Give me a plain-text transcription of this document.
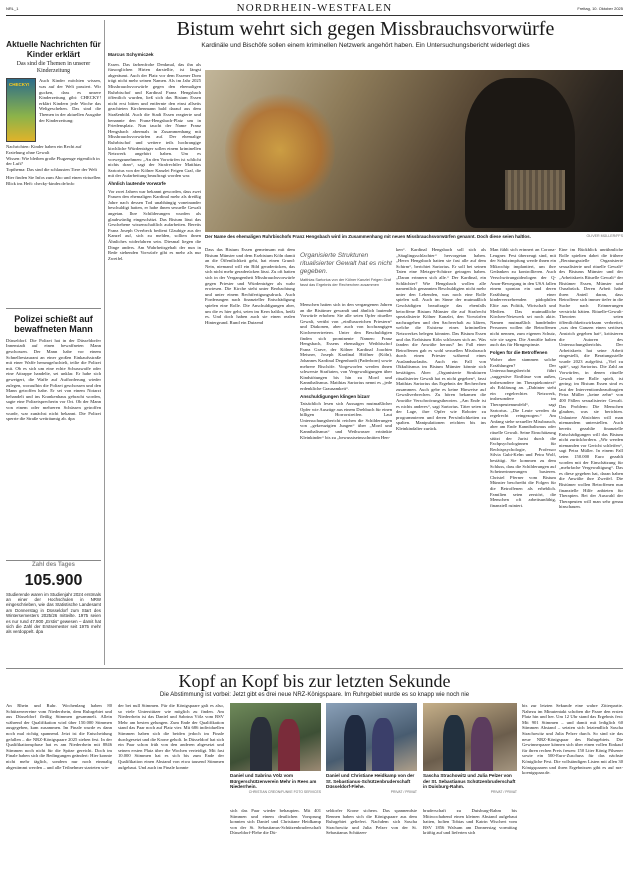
NRL_1	NORDRHEIN-WESTFALEN	Freitag, 10. Oktober 2025
Aktuelle Nachrichten für Kinder erklärt
Das sind die Themen in unserer Kinderzeitung
CHECKY!

Auch Kinder möchten wissen, was auf der Welt passiert. Wir gucken, dass es unsere Kinderzeitung gibt: CHECKY! erklärt Kindern jede Woche das Weltgeschehen. Das sind die Themen in der aktuellen Ausgabe der Kinderzeitung:

Nachrichten: Kinder haben ein Recht auf Erziehung ohne Gewalt
Wissen: Wie bleiben große Flugzeuge eigentlich in der Luft?
Topthema: Das sind die schlausten Tiere der Welt
Hier finden Sie Infos zum Abo und einen virtuellen Blick ins Heft: checky-kinder.de/info
Polizei schießt auf bewaffneten Mann

Düsseldorf. Die Polizei hat in der Düsseldorfer Innenstadt auf einen bewaffneten Mann geschossen. Der Mann habe vor einem Schnellrestaurant an einer großen Einkaufsstraße mit einer Waffe herumgefuchtelt, teilte die Polizei mit. Ob es sich um eine echte Schusswaffe oder eine Attrappe handelte, sei unklar. Er habe sich geweigert, die Waffe auf Aufforderung wieder zulegen, woraufhin die Polizei geschossen und den Mann getroffen habe. Er sei von einem Notarzt behandelt und ins Krankenhaus gebracht worden, sagte eine Polizeisprecherin vor Ort. Ob der Mann von einem oder mehreren Schüssen getroffen wurde, war zunächst nicht bekannt. Die Polizei sperrte die Straße weiträumig ab. dpa

Zahl des Tages
105.900

Studierende waren im Studienjahr 2024 erstmals an einer der Hochschulen in NRW eingeschrieben, wie das Statistische Landesamt am Donnerstag in Düsseldorf zum Start des Wintersemesters 2025/26 mitteilte. 1975 seien es nur rund 47.900 „Erstis“ gewesen – damit hat sich die Zahl der Erstsemester seit 1975 mehr als verdoppelt. dpa

Bistum wehrt sich gegen Missbrauchsvorwürfe
Kardinäle und Bischöfe sollen einem kriminellen Netzwerk angehört haben. Ein Untersuchungsbericht widerlegt dies
Marcus Schymiczek

Essen. Das farbenfrohe Denkmal, das ihn als fürsorglichen Hirten darstellte, ist längst abgeräumt. Auch der Platz vor dem Essener Dom trägt nicht mehr seinen Namen. Als im Jahr 2025 Missbrauchsvorwürfe gegen den ehemaligen Ruhrbischof und Kardinal Franz Hengsbach öffentlich wurden, ließ sich das Bistum Essen nicht erst bitten und entfernte den einst allseits geachteten Kirchenmann bald darauf aus dem Straßenbild. Auch die Stadt Essen reagierte und benannte den Franz-Hengsbach-Platz um in Friedensplatz. Nun taucht der Name Franz Hengsbach abermals in Zusammenhang mit Missbrauchsvorwürfen auf. Der ehemalige Ruhrbischof und weitere teils hochrangige kirchliche Würdenträger sollen einem kriminellen Netzwerk angehört haben. Um es vorwegzunehmen: „An den Vorwürfen ist schlicht nichts dran“, sagt der Strafrechtler Matthias Sartorius von der Kölner Kanzlei Feigen Graf, die mit der Aufarbeitung beauftragt worden war.

Ähnlich lautende Vorwürfe

Vor zwei Jahren war bekannt geworden, dass zwei Frauen den ehemaligen Kardinal mehr als dreißig Jahre nach dessen Tod unabhängig voneinander beschuldigt hatten, er habe ihnen sexuelle Gewalt angetan. Ihre Schilderungen wurden als glaubwürdig eingeschätzt. Das Bistum lässt das Geschehene wissenschaftlich aufarbeiten. Bereits Franz Joseph Overbeck bedient Glaubige aus der Kanzel auf, sich zu melden, sollten ihnen Ähnliches widerfahren sein. Diesmal liegen die Dinge anders. Am Wahrheitsgehalt der nun in Rede stehenden Vorwürfe gibt es mehr als nur Zweifel.

Der Name des ehemaligen Ruhrbischofs Franz Hengsbach wird im Zusammenhang mit neuen Missbrauchsvorwürfen genannt. Doch diese seien haltlos.	OLIVER MÜLLER/FFS

Dass das Bistum Essen gemeinsam mit dem Bistum Münster und dem Erzbistum Köln damit an die Öffentlichkeit geht, hat einen Grund: Nein, niemand will ein Bild geraderücken, das sich nicht mehr geraderücken lässt. Zu oft hatten sich in der Vergangenheit Missbrauchsvorwürfe gegen Priester und Würdenträger als wahr erwiesen. Die Kirche steht unter Beobachtung und unter einem Rechtfertigungsdruck. Auch Forderungen nach finanzieller Entschädigung spielen eine Rolle. Die Anschuldigungen aber, um die es hier geht, seien im Kern haltlos, heißt es. Und doch haben auch sie einen realen Hintergrund. Rund ein Dutzend

Organisierte Strukturen ritualisierter Gewalt hat es nicht gegeben.
Matthias Sartorius von der Kölner Kanzlei Feigen Graf fasst das Ergebnis der Recherchen zusammen

Menschen hatten sich in den vergangenen Jahren an die Bistümer gewandt und ähnlich lautende Vorwürfe erhoben: Sie alle seien Opfer ritueller Gewalt, verübt von „einflussreichen Priestern“ und Diakonen, aber auch von hochrangigen Kirchenvertretern. Unter den Beschuldigten finden sich prominente Namen: Franz Hengsbach, Essens ehemaliger Weihbischof Franz Grave, der Kölner Kardinal Joachim Meisner, Joseph Kardinal Höffner (Köln), Johannes Kardinal Degenhardt (Paderborn) sowie mehrere Bischöfe. Vorgeworfen werden ihnen schwerste Straftaten, von Vergewaltigungen über Kindstötungen bis hin zu Mord und Kannibalismus. Matthias Sartorius nennt es „jede erdenkliche Grausamkeit“.

Anschuldigungen klingen bizarr

Tatsächlich lesen sich Aussagen mutmaßlicher Opfer wie Auszüge aus einem Drehbuch für einen billigen Horrorstreifen. Laut Untersuchungsbericht reichen die Schilderungen von „gekreuzigten Jungen“ über „Mord und Kannibalismus“ und Weihwasser ertränkte Kleinkinder“ bis zu „bewusstseinsschnitten Hen-

ken“. Kardinal Hengsbach soll sich als „Säuglingsschlachter“ hervorgetan haben. „Herrn Hengsbach hatten sie fast alle auf dem Schirm“, berichtet Sartorius. Er soll bei seinen Taten eine Metzger-Schürze getragen haben. „Daran erinnern sich alle.“ Der Kardinal, ein Schlächter? Wie Hengsbach wollen alle namentlich genannten Beschuldigten nicht mehr unter den Lebenden, was noch eine Rolle spielen soll. Auch im Sinne der mutmaßlich Geschädigten beauftragte das ebenfalls betroffene Bistum Münster die auf Strafrecht spezialisierte Kölner Kanzlei, den Vorwürfen nachzugehen und den Sachverhalt zu klären, welche die Existenz eines kriminellen Netzwerkes belegen könnten. Das Bistum Essen und das Erzbistum Köln schlossen sich an. Was fanden die Anwälte heraus? Im Fall einer Betroffenen gab es wohl sexuellen Missbrauch durch einen Priester während eines Auslandsurlaubs. Auch ein Fall von Okkultismus im Bistum Münster könnte sich bestätigen. Aber: „Organisierte Strukturen ritualisierter Gewalt hat es nicht gegeben“, fasst Matthias Sartorius das Ergebnis der Recherchen zusammen. Auch gebe es keine Hinweise auf Gewaltverbrechen. Zu hören bekamen die Anwälte Verschwörungstheorien. „Am Ende ist es nichts anderes“, sagt Sartorius. Täter seien in der Lage, ihre Opfer wie Roboter zu programmieren und deren Persönlichkeiten zu spalten. Manipulationen reichten bis ins Kleinkindalter zurück.

Man fühlt sich erinnert an Corona-Leugner. Fest überzeugt sind, mit der Schutzimpfung werde ihnen ein Mikrochip implantiert, um ihre Gedanken zu kontrollieren. Auch Verschwörungsideologen der Q-Anon-Bewegung in den USA fallen einem spontan ein und deren Erzählung einer kinderverzehrenden pädophilen Elite aus Politik, Wirtschaft und Medien. Das mutmaßliche Kirchen-Netzwerk sei noch aktiv. Namen mutmaßlich handelnder Personen wollen die Betroffenen nicht nennen, zum eigenen Schutz, wie sie sagen. Die Anwälte halten auch das für Hirngespinste.

Folgen für die Betroffenen

Woher aber stammen solche Erzählungen? Der Untersuchungsbericht führt „suggestive Einflüsse von außen, insbesondere im Therapiekontext“ als Erklärung an. „Dahinter steht ein regelrechtes Netzwerk, insbesondere im Therapeutenumfeld“, sagt Sartorius. „Die Leute werden da regelrecht reingezogen.“ Am Anfang stehe sexueller Missbrauch, aber am Ende Kannibalismus oder rituelle Gewalt. Seine Einschätzung stützt der Jurist durch die Fachpsychologinnen für Rechtspsychologie, Professor Silvia Gubi-Kelm und Petra Wolf, bestätigt. Sie kommen zu dem Schluss, dass die Schilderungen auf Scheinerinnerungen basieren. Christel Pferner vom Bistum Münster beschreibt die Folgen für die Betroffenen als erheblich. Familien seien zerstört, die Menschen oft arbeitsunfähig, finanziell ruiniert.

Eine im Rückblick unrühmliche Rolle spielten dabei die frühere „Beratungsstelle Organisierte sexualisierte und rituelle Gewalt“ des Bistums Münster und der „Arbeitskreis Rituelle Gewalt“ der Bistümer Essen, Münster und Osnabrück. Deren Arbeit habe ihren Anteil daran, dass Betroffene sich immer tiefer in die Suche nach Erinnerungen verstrickt hätten. Rituelle-Gewalt-Theorien seien öffentlichkeitswirksam verbreitet, „was den Ganzen einen seriösen Anstrich gegeben hat“, kritisieren die Autoren des Untersuchungsberichts. Der Arbeitskreis hat seine Arbeit eingestellt, die Beratungsstelle wurde 2023 aufgelöst. „Viel zu spät“, sagt Sartorius. Die Zahl an Vorwürfen, in denen rituelle Gewalt eine Rolle spielt, ist gering; im Bistum Essen sind es laut der Interventionsbeauftragten Petra Müller „keine zehn“ von 400 Fällen sexualisierter Gewalt. Das Problem: Die Menschen glauben, was sie berichten. Unlautere Absichten will man niemandem unterstellen. Auch bereits gezahlte finanzielle Entschädigungen will das Bistum nicht zurückfordern. „Wir werden niemanden vor Gericht schleifen“, sagt Petra Müller. In einem Fall seien 150.000 Euro gezahlt worden mit der Einschätzung für „mehrfache Vergewaltigung“. Das es diese gegeben hat, daran haben die Anwälte ihre Zweifel. Die Bistümer wollen Betroffenen nun finanzielle Hilfe anbieten für Therapien. Bei der Auswahl der Therapeuten will man sehr genau hinschauen.

Kopf an Kopf bis zur letzten Sekunde
Die Abstimmung ist vorbei: Jetzt gibt es drei neue NRZ-Königspaare. Im Ruhrgebiet wurde es so knapp wie noch nie

An Rhein und Ruhr. Wochenlang haben 80 Schützenvereine vom Niederrhein, dem Ruhrgebiet und aus Düsseldorf fleißig Stimmen gesammelt. Allein während der Qualifikation wird über 150.000 Stimmen ausgegeben, kam zusammen. Im Finale wurde es dann noch mal richtig spannend. Jetzt ist die Entscheidung gefallen – die NRZ-Königspaare 2025 stehen fest. In der Qualifikationsphase hat es am Niederrhein mit 8846 Stimmen noch nicht für die Spitze gereicht. Doch im Finale haben sich die Bedingungen geändert: Hier konnte nicht mehr täglich, sondern nur noch einmalig abgestimmt werden – und alle Teilnehmer starteten wie-

der bei null Stimmen. Für die Königspaare galt es also, so viele Unterstützer wie möglich zu finden. Am Niederrhein ist das Daniel und Sabrina Völz vom BSV Mehr am besten gelungen. Zum Ende der Qualifikation stand das Paar noch auf Platz vier. Mit 686 individuellen Stimmen haben sich die beiden jedoch im Finale durchgesetzt und die Krone geholt. In Düsseldorf hat sich ein Paar schon früh von den anderen abgesetzt und seinen ersten Platz über die Wochen verteidigt. Mit fast 10.000 Stimmen hat es sich bis zum Ende der Qualifikation einen Abstand von etwa tausend Stimmen aufgebaut. Und auch im Finale konnte

Daniel und Sabrina Völz vom Bürgerschützenverein Mehr in Rees am Niederrhein.
CHRISTIAN CREON/FUNKE FOTO SERVICES
Daniel und Christiane Heidkamp von der St. Sebastianus-Schützenbruderschaft Düsseldorf-Flehe.
PRIVAT / PRIVAT
Sascha Strachowitz und Julia Pelzer von der St. Sebastianus Schützenbruderschaft in Duisburg-Rahm.
PRIVAT / PRIVAT

sich das Paar wieder behaupten. Mit 401 Stimmen und einem deutlichen Vorsprung konnten sich Daniel und Christiane Heidkamp von der St. Sebastianus-Schützenbruderschaft Düsseldorf-Flehe die Dü-

seldorfer Krone sichern. Das spannendste Rennen haben sich die Königspaare aus dem Ruhrgebiet geliefert. Nachdem sich Sascha Strachowitz und Julia Pelzer von der St. Sebastianus Schützen-

bruderschaft zu Duisburg-Rahm bis Mittwochabend einen kleinen Abstand aufgebaut hatten, holten Tobias und Katrin Wischert vom BSV 1856 Walsum am Donnerstag vormittag kräftig auf und lieferten sich

bis zur letzten Sekunde eine wahre Zitterpartie. Nahezu im Minutentakt schoben die Paare den ersten Platz hin und her. Um 12 Uhr stand das Ergebnis fest: Mit 901 Stimmen – und damit mit lediglich 60 Stimmen Abstand – setzten sich letztendlich Sascha Strachowitz und Julia Pelzer durch. So sind sie das neue NRZ-Königspaar des Ruhrgebiets. Die Gewinnerpaare können sich über einen vollen Einkauf für ihren rechen Preis freuen: 150 Liter König Pilsener sowie ein 500-Euro-Zuschuss für das nächste Königliche Fest. Die vollständigen Listen mit allen 30 Königspaaren und ihren Ergebnissen gibt es auf nrz-koenigspaar.de.
